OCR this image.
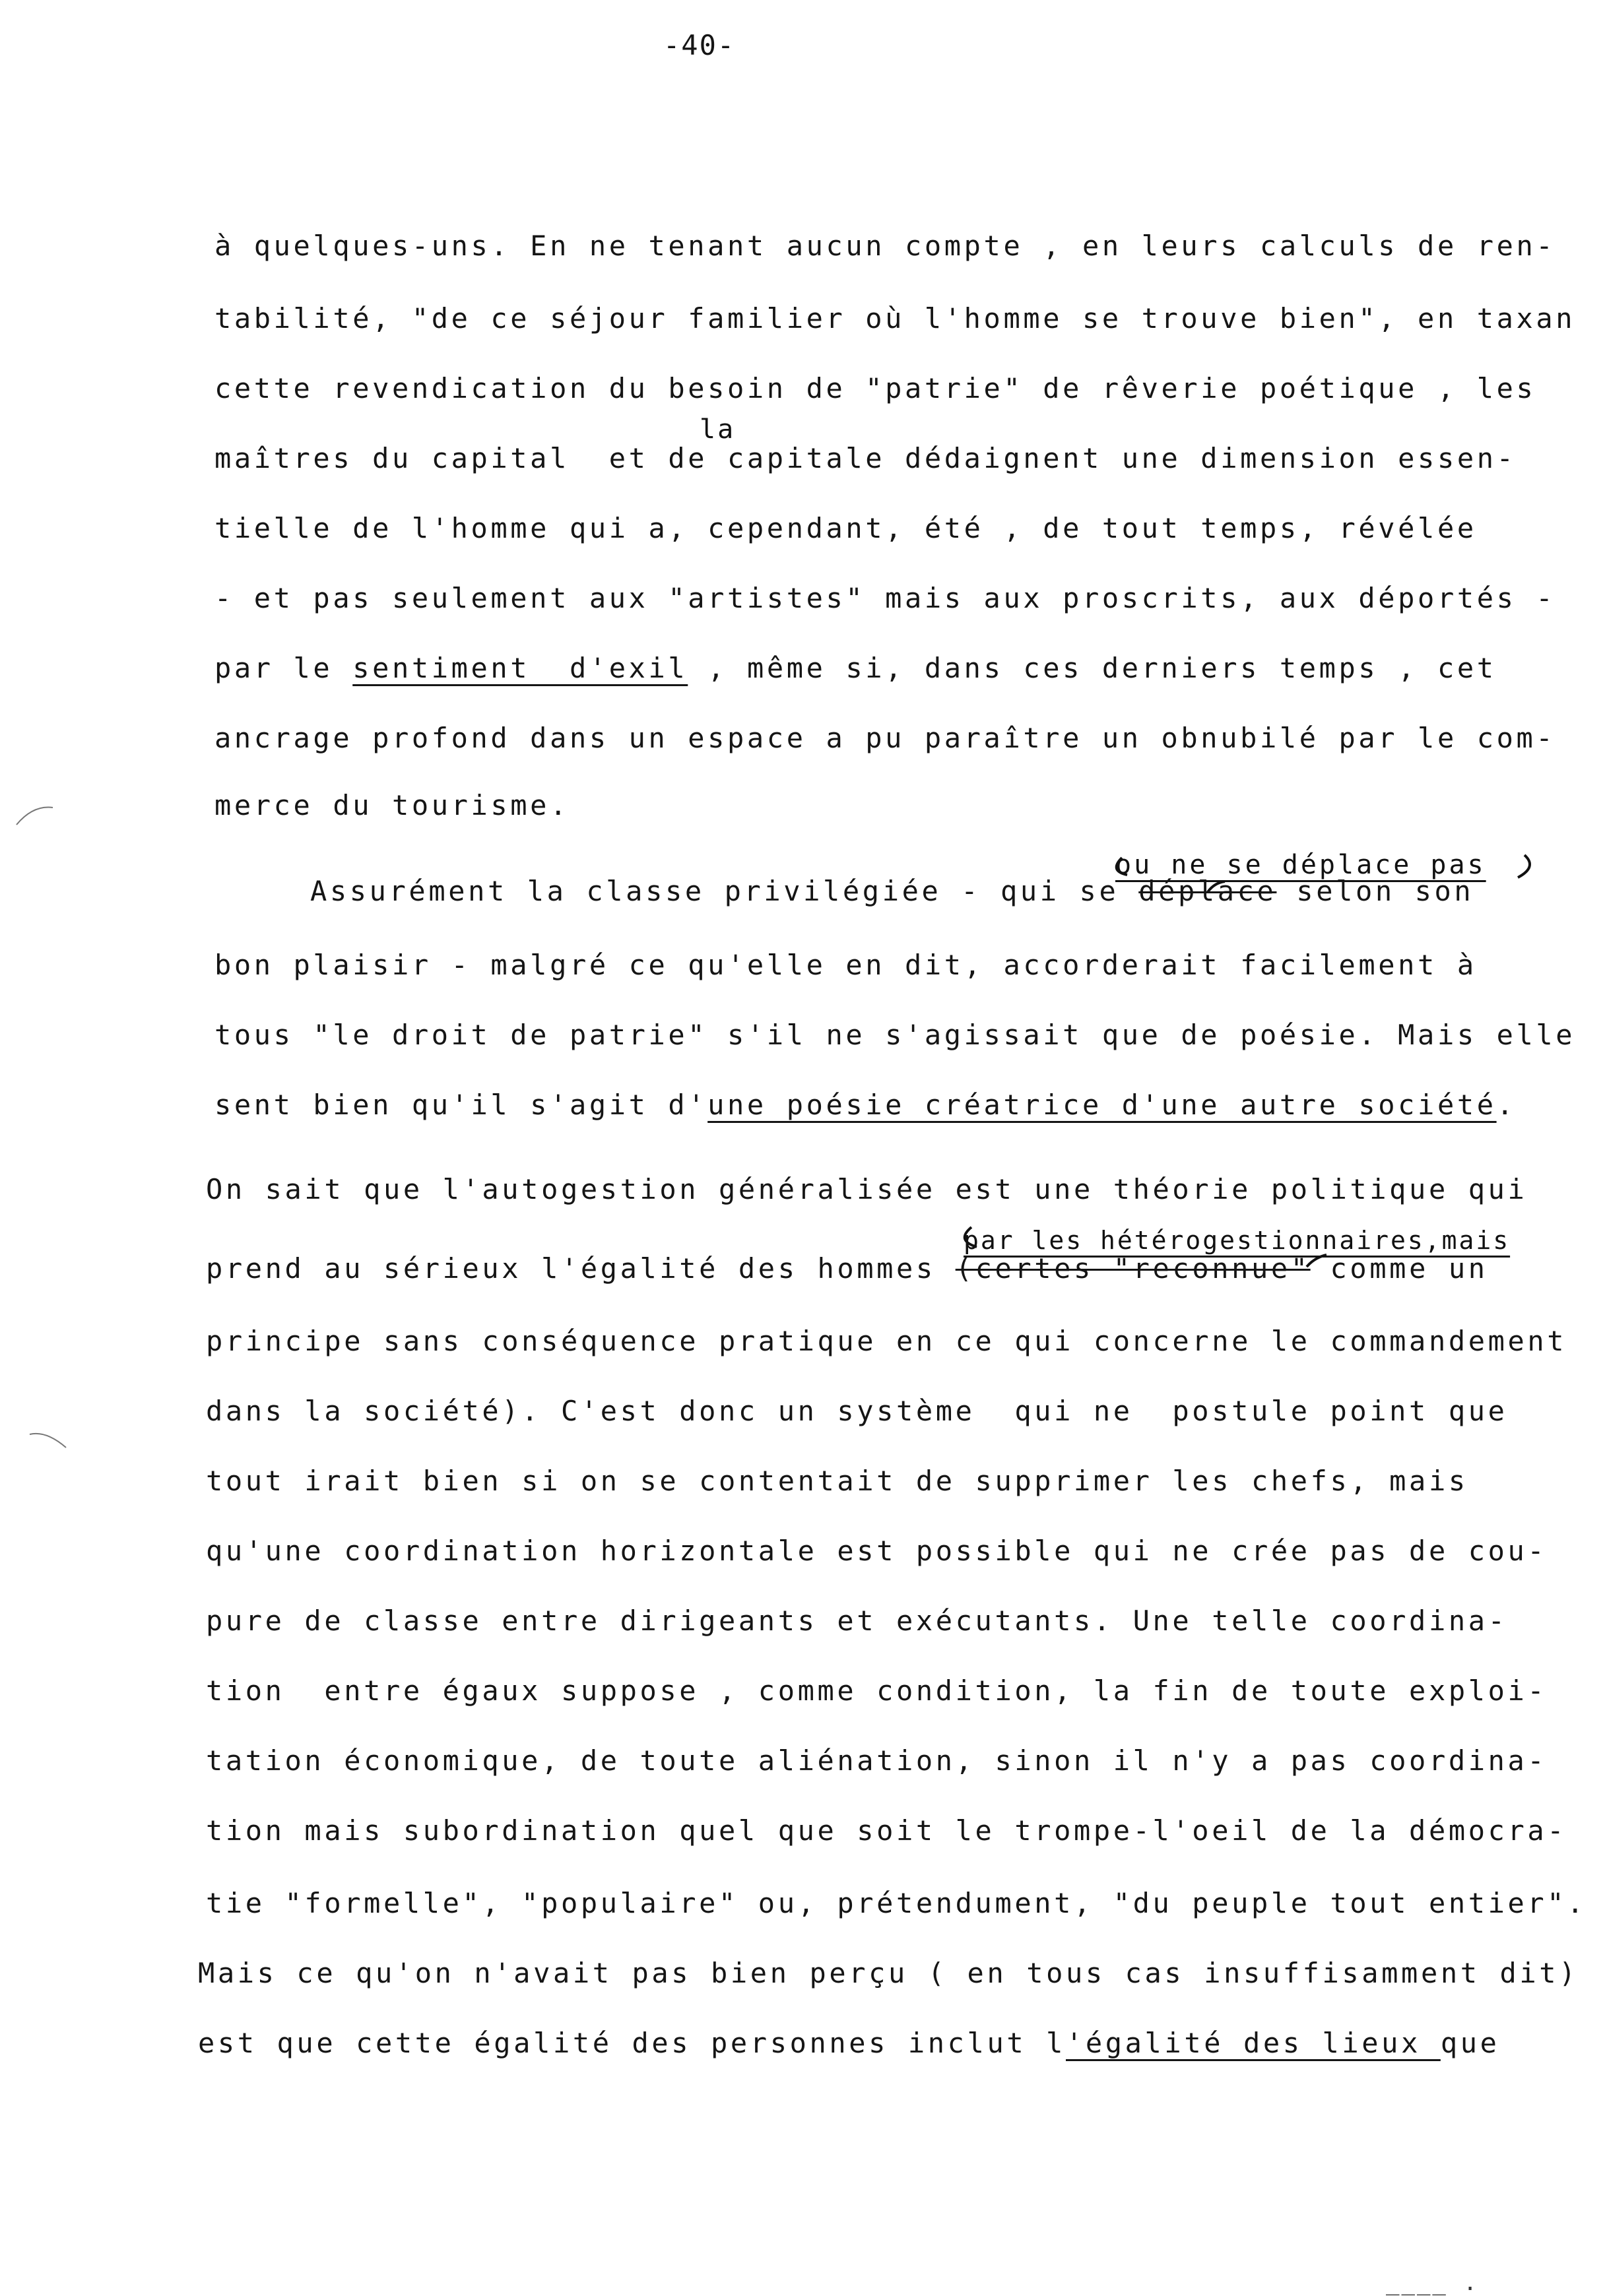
-40-
à quelques-uns. En ne tenant aucun compte , en leurs calculs de ren-
tabilité, "de ce séjour familier où l'homme se trouve bien", en taxan
cette revendication du besoin de "patrie" de rêverie poétique , les
la
maîtres du capital  et de capitale dédaignent une dimension essen-
tielle de l'homme qui a, cependant, été , de tout temps, révélée
- et pas seulement aux "artistes" mais aux proscrits, aux déportés -
par le sentiment  d'exil , même si, dans ces derniers temps , cet
ancrage profond dans un espace a pu paraître un obnubilé par le com-
merce du tourisme.
ou ne se déplace pas
Assurément la classe privilégiée - qui se déplace selon son
bon plaisir - malgré ce qu'elle en dit, accorderait facilement à
tous "le droit de patrie" s'il ne s'agissait que de poésie. Mais elle
sent bien qu'il s'agit d'une poésie créatrice d'une autre société.
On sait que l'autogestion généralisée est une théorie politique qui
par les hétérogestionnaires,mais
prend au sérieux l'égalité des hommes (certes "reconnue" comme un
principe sans conséquence pratique en ce qui concerne le commandement
dans la société). C'est donc un système  qui ne  postule point que
tout irait bien si on se contentait de supprimer les chefs, mais
qu'une coordination horizontale est possible qui ne crée pas de cou-
pure de classe entre dirigeants et exécutants. Une telle coordina-
tion  entre égaux suppose , comme condition, la fin de toute exploi-
tation économique, de toute aliénation, sinon il n'y a pas coordina-
tion mais subordination quel que soit le trompe-l'oeil de la démocra-
tie "formelle", "populaire" ou, prétendument, "du peuple tout entier".
Mais ce qu'on n'avait pas bien perçu ( en tous cas insuffisamment dit)
est que cette égalité des personnes inclut l'égalité des lieux que
____ .
